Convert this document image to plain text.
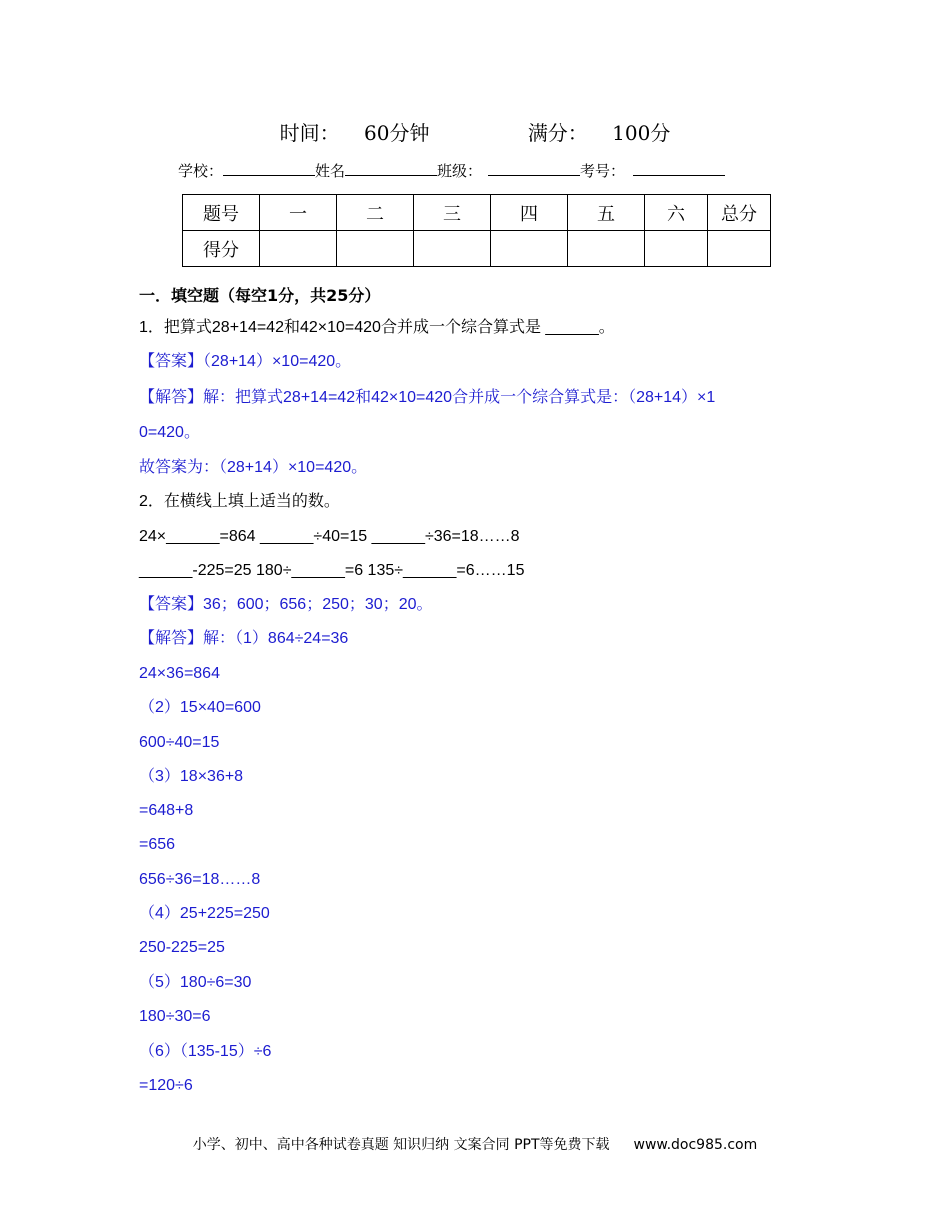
时间： 60分钟	满分： 100分
学校：	姓名	班级：	考号：
题号	一	二	三	四	五	六	总分
得分							
一．填空题（每空1分，共25分）
1．把算式28+14=42和42×10=420合并成一个综合算式是 ______。
【答案】（28+14）×10=420。
【解答】解：把算式28+14=42和42×10=420合并成一个综合算式是：（28+14）×1
0=420。
故答案为：（28+14）×10=420。
2．在横线上填上适当的数。
24×______=864 ______÷40=15 ______÷36=18……8
______-225=25 180÷______=6 135÷______=6……15
【答案】36；600；656；250；30；20。
【解答】解：（1）864÷24=36
24×36=864
（2）15×40=600
600÷40=15
（3）18×36+8
=648+8
=656
656÷36=18……8
（4）25+225=250
250-225=25
（5）180÷6=30
180÷30=6
（6）（135-15）÷6
=120÷6
小学、初中、高中各种试卷真题 知识归纳 文案合同 PPT等免费下载 www.doc985.com
